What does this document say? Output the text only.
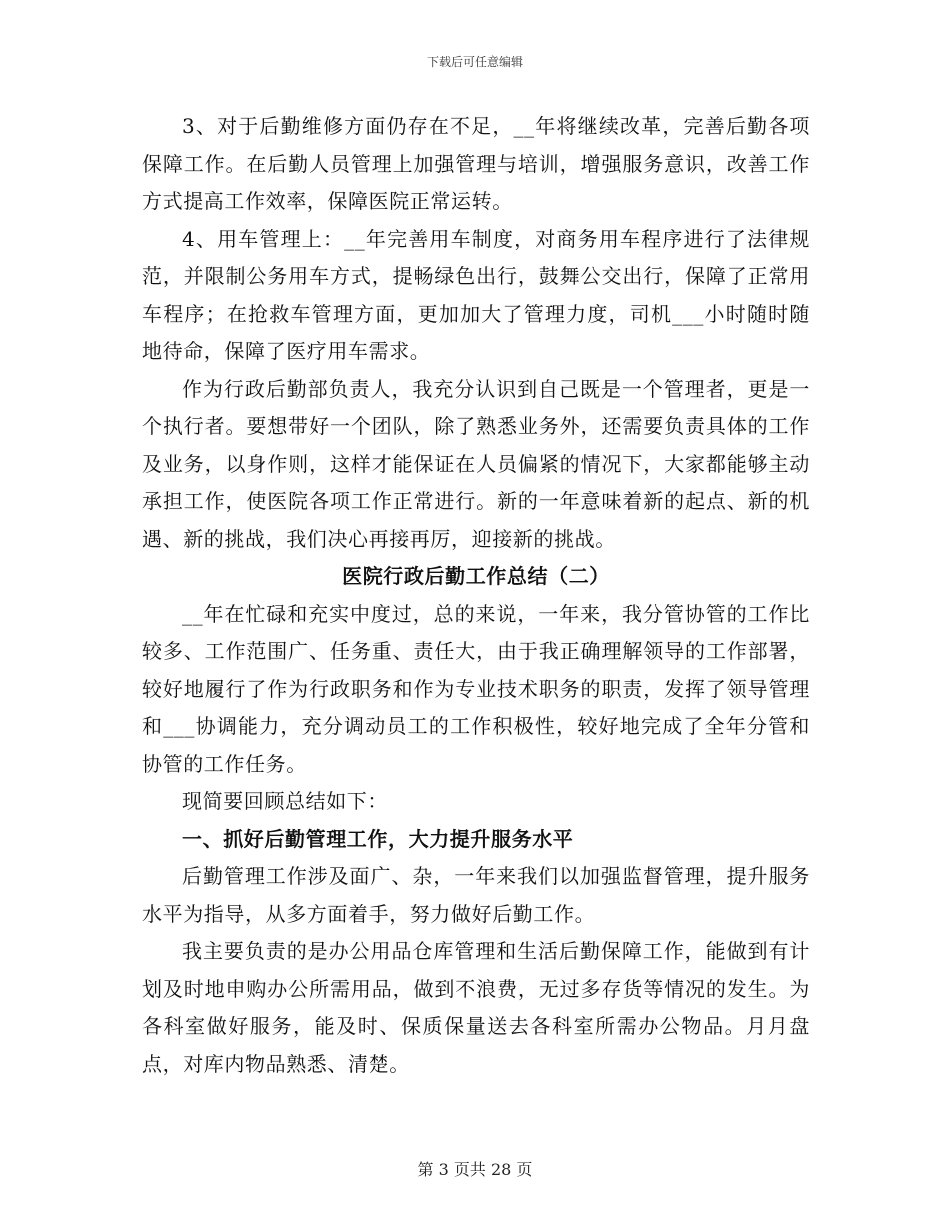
下载后可任意编辑

3、对于后勤维修方面仍存在不足，__年将继续改革，完善后勤各项保障工作。在后勤人员管理上加强管理与培训，增强服务意识，改善工作方式提高工作效率，保障医院正常运转。

4、用车管理上：__年完善用车制度，对商务用车程序进行了法律规范，并限制公务用车方式，提畅绿色出行，鼓舞公交出行，保障了正常用车程序；在抢救车管理方面，更加加大了管理力度，司机___小时随时随地待命，保障了医疗用车需求。

作为行政后勤部负责人，我充分认识到自己既是一个管理者，更是一个执行者。要想带好一个团队，除了熟悉业务外，还需要负责具体的工作及业务，以身作则，这样才能保证在人员偏紧的情况下，大家都能够主动承担工作，使医院各项工作正常进行。新的一年意味着新的起点、新的机遇、新的挑战，我们决心再接再厉，迎接新的挑战。

医院行政后勤工作总结（二）

__年在忙碌和充实中度过，总的来说，一年来，我分管协管的工作比较多、工作范围广、任务重、责任大，由于我正确理解领导的工作部署，较好地履行了作为行政职务和作为专业技术职务的职责，发挥了领导管理和___协调能力，充分调动员工的工作积极性，较好地完成了全年分管和协管的工作任务。

现简要回顾总结如下：

一、抓好后勤管理工作，大力提升服务水平

后勤管理工作涉及面广、杂，一年来我们以加强监督管理，提升服务水平为指导，从多方面着手，努力做好后勤工作。

我主要负责的是办公用品仓库管理和生活后勤保障工作，能做到有计划及时地申购办公所需用品，做到不浪费，无过多存货等情况的发生。为各科室做好服务，能及时、保质保量送去各科室所需办公物品。月月盘点，对库内物品熟悉、清楚。

第 3 页共 28 页
